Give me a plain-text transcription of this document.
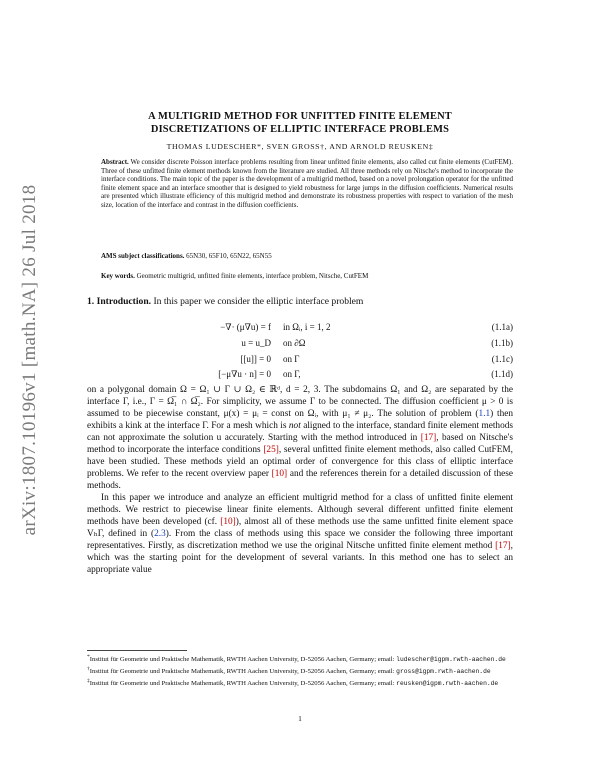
arXiv:1807.10196v1 [math.NA] 26 Jul 2018
A MULTIGRID METHOD FOR UNFITTED FINITE ELEMENT
DISCRETIZATIONS OF ELLIPTIC INTERFACE PROBLEMS
THOMAS LUDESCHER*, SVEN GROSS†, AND ARNOLD REUSKEN‡
Abstract. We consider discrete Poisson interface problems resulting from linear unfitted finite elements, also called cut finite elements (CutFEM). Three of these unfitted finite element methods known from the literature are studied. All three methods rely on Nitsche's method to incorporate the interface conditions. The main topic of the paper is the development of a multigrid method, based on a novel prolongation operator for the unfitted finite element space and an interface smoother that is designed to yield robustness for large jumps in the diffusion coefficients. Numerical results are presented which illustrate efficiency of this multigrid method and demonstrate its robustness properties with respect to variation of the mesh size, location of the interface and contrast in the diffusion coefficients.
AMS subject classifications. 65N30, 65F10, 65N22, 65N55
Key words. Geometric multigrid, unfitted finite elements, interface problem, Nitsche, CutFEM
1. Introduction. In this paper we consider the elliptic interface problem
−∇· (μ∇u) = f in Ωᵢ, i = 1, 2	(1.1a)
u = u_D on ∂Ω	(1.1b)
[[u]] = 0 on Γ	(1.1c)
[−μ∇u · n] = 0 on Γ,	(1.1d)

on a polygonal domain Ω = Ω₁ ∪ Γ ∪ Ω₂ ∈ ℝᵈ, d = 2, 3. The subdomains Ω₁ and Ω₂ are separated by the interface Γ, i.e., Γ = Ω̅₁ ∩ Ω̅₂. For simplicity, we assume Γ to be connected. The diffusion coefficient μ > 0 is assumed to be piecewise constant, μ(x) = μᵢ = const on Ωᵢ, with μ₁ ≠ μ₂. The solution of problem (1.1) then exhibits a kink at the interface Γ. For a mesh which is not aligned to the interface, standard finite element methods can not approximate the solution u accurately. Starting with the method introduced in [17], based on Nitsche's method to incorporate the interface conditions [25], several unfitted finite element methods, also called CutFEM, have been studied. These methods yield an optimal order of convergence for this class of elliptic interface problems. We refer to the recent overview paper [10] and the references therein for a detailed discussion of these methods.

In this paper we introduce and analyze an efficient multigrid method for a class of unfitted finite element methods. We restrict to piecewise linear finite elements. Although several different unfitted finite element methods have been developed (cf. [10]), almost all of these methods use the same unfitted finite element space VₕΓ, defined in (2.3). From the class of methods using this space we consider the following three important representatives. Firstly, as discretization method we use the original Nitsche unfitted finite element method [17], which was the starting point for the development of several variants. In this method one has to select an appropriate value

*Institut für Geometrie und Praktische Mathematik, RWTH Aachen University, D-52056 Aachen, Germany; email: ludescher@igpm.rwth-aachen.de
†Institut für Geometrie und Praktische Mathematik, RWTH Aachen University, D-52056 Aachen, Germany; email: gross@igpm.rwth-aachen.de
‡Institut für Geometrie und Praktische Mathematik, RWTH Aachen University, D-52056 Aachen, Germany; email: reusken@igpm.rwth-aachen.de
1
